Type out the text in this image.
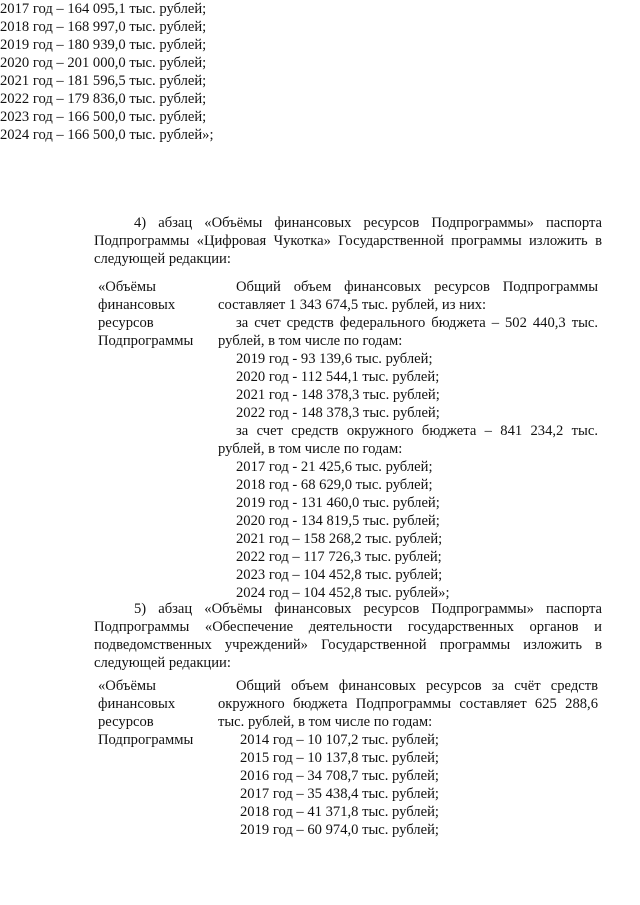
2017 год – 164 095,1 тыс. рублей;
2018 год – 168 997,0 тыс. рублей;
2019 год – 180 939,0 тыс. рублей;
2020 год – 201 000,0 тыс. рублей;
2021 год – 181 596,5 тыс. рублей;
2022 год – 179 836,0 тыс. рублей;
2023 год – 166 500,0 тыс. рублей;
2024 год – 166 500,0 тыс. рублей»;
4) абзац «Объёмы финансовых ресурсов Подпрограммы» паспорта
Подпрограммы «Цифровая Чукотка» Государственной программы изложить в
следующей редакции:
«Объёмы
финансовых
ресурсов
Подпрограммы
Общий объем финансовых ресурсов Подпрограммы
составляет 1 343 674,5 тыс. рублей, из них:
за счет средств федерального бюджета – 502 440,3 тыс.
рублей, в том числе по годам:
2019 год - 93 139,6 тыс. рублей;
2020 год - 112 544,1 тыс. рублей;
2021 год - 148 378,3 тыс. рублей;
2022 год - 148 378,3 тыс. рублей;
за счет средств окружного бюджета – 841 234,2 тыс.
рублей, в том числе по годам:
2017 год - 21 425,6 тыс. рублей;
2018 год - 68 629,0 тыс. рублей;
2019 год - 131 460,0 тыс. рублей;
2020 год - 134 819,5 тыс. рублей;
2021 год – 158 268,2 тыс. рублей;
2022 год – 117 726,3 тыс. рублей;
2023 год – 104 452,8 тыс. рублей;
2024 год – 104 452,8 тыс. рублей»;
5) абзац «Объёмы финансовых ресурсов Подпрограммы» паспорта
Подпрограммы «Обеспечение деятельности государственных органов и
подведомственных учреждений» Государственной программы изложить в
следующей редакции:
«Объёмы
финансовых
ресурсов
Подпрограммы
Общий объем финансовых ресурсов за счёт средств
окружного бюджета Подпрограммы составляет 625 288,6
тыс. рублей, в том числе по годам:
2014 год – 10 107,2 тыс. рублей;
2015 год – 10 137,8 тыс. рублей;
2016 год – 34 708,7 тыс. рублей;
2017 год – 35 438,4 тыс. рублей;
2018 год – 41 371,8 тыс. рублей;
2019 год – 60 974,0 тыс. рублей;
